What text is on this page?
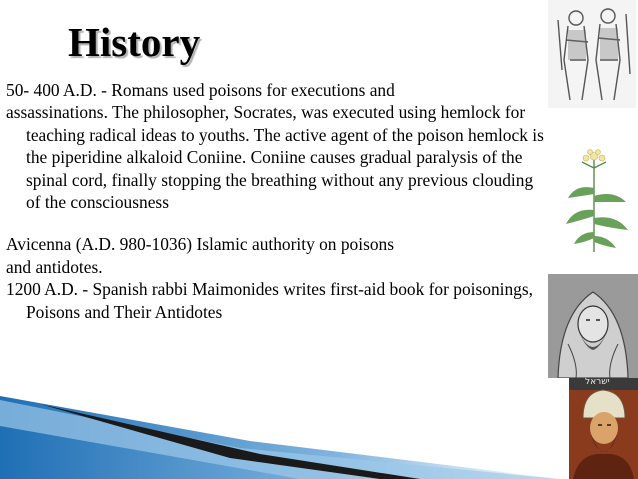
History

50- 400 A.D. - Romans used poisons for executions and

assassinations. The philosopher, Socrates, was executed using hemlock for teaching radical ideas to youths. The active agent of the poison hemlock is the piperidine alkaloid Coniine. Coniine causes gradual paralysis of the spinal cord, finally stopping the breathing without any previous clouding of the consciousness

Avicenna (A.D. 980-1036) Islamic authority on poisons

and antidotes.

1200 A.D. - Spanish rabbi Maimonides writes first-aid book for poisonings, Poisons and Their Antidotes

ישראל
